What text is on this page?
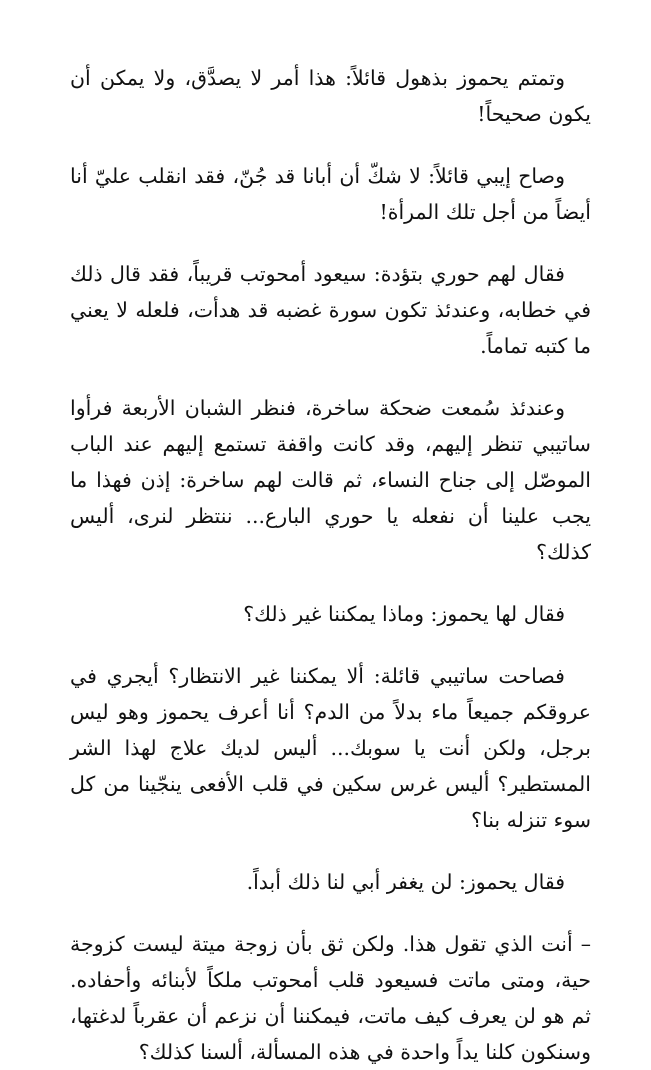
وتمتم يحموز بذهول قائلاً: هذا أمر لا يصدَّق، ولا يمكن أن يكون صحيحاً!

وصاح إيبي قائلاً: لا شكّ أن أبانا قد جُنّ، فقد انقلب عليّ أنا أيضاً من أجل تلك المرأة!

فقال لهم حوري بتؤدة: سيعود أمحوتب قريباً، فقد قال ذلك في خطابه، وعندئذ تكون سورة غضبه قد هدأت، فلعله لا يعني ما كتبه تماماً.

وعندئذ سُمعت ضحكة ساخرة، فنظر الشبان الأربعة فرأوا ساتيبي تنظر إليهم، وقد كانت واقفة تستمع إليهم عند الباب الموصّل إلى جناح النساء، ثم قالت لهم ساخرة: إذن فهذا ما يجب علينا أن نفعله يا حوري البارع... ننتظر لنرى، أليس كذلك؟

فقال لها يحموز: وماذا يمكننا غير ذلك؟

فصاحت ساتيبي قائلة: ألا يمكننا غير الانتظار؟ أيجري في عروقكم جميعاً ماء بدلاً من الدم؟ أنا أعرف يحموز وهو ليس برجل، ولكن أنت يا سوبك... أليس لديك علاج لهذا الشر المستطير؟ أليس غرس سكين في قلب الأفعى ينجّينا من كل سوء تنزله بنا؟

فقال يحموز: لن يغفر أبي لنا ذلك أبداً.

– أنت الذي تقول هذا. ولكن ثق بأن زوجة ميتة ليست كزوجة حية، ومتى ماتت فسيعود قلب أمحوتب ملكاً لأبنائه وأحفاده. ثم هو لن يعرف كيف ماتت، فيمكننا أن نزعم أن عقرباً لدغتها، وسنكون كلنا يداً واحدة في هذه المسألة، ألسنا كذلك؟
